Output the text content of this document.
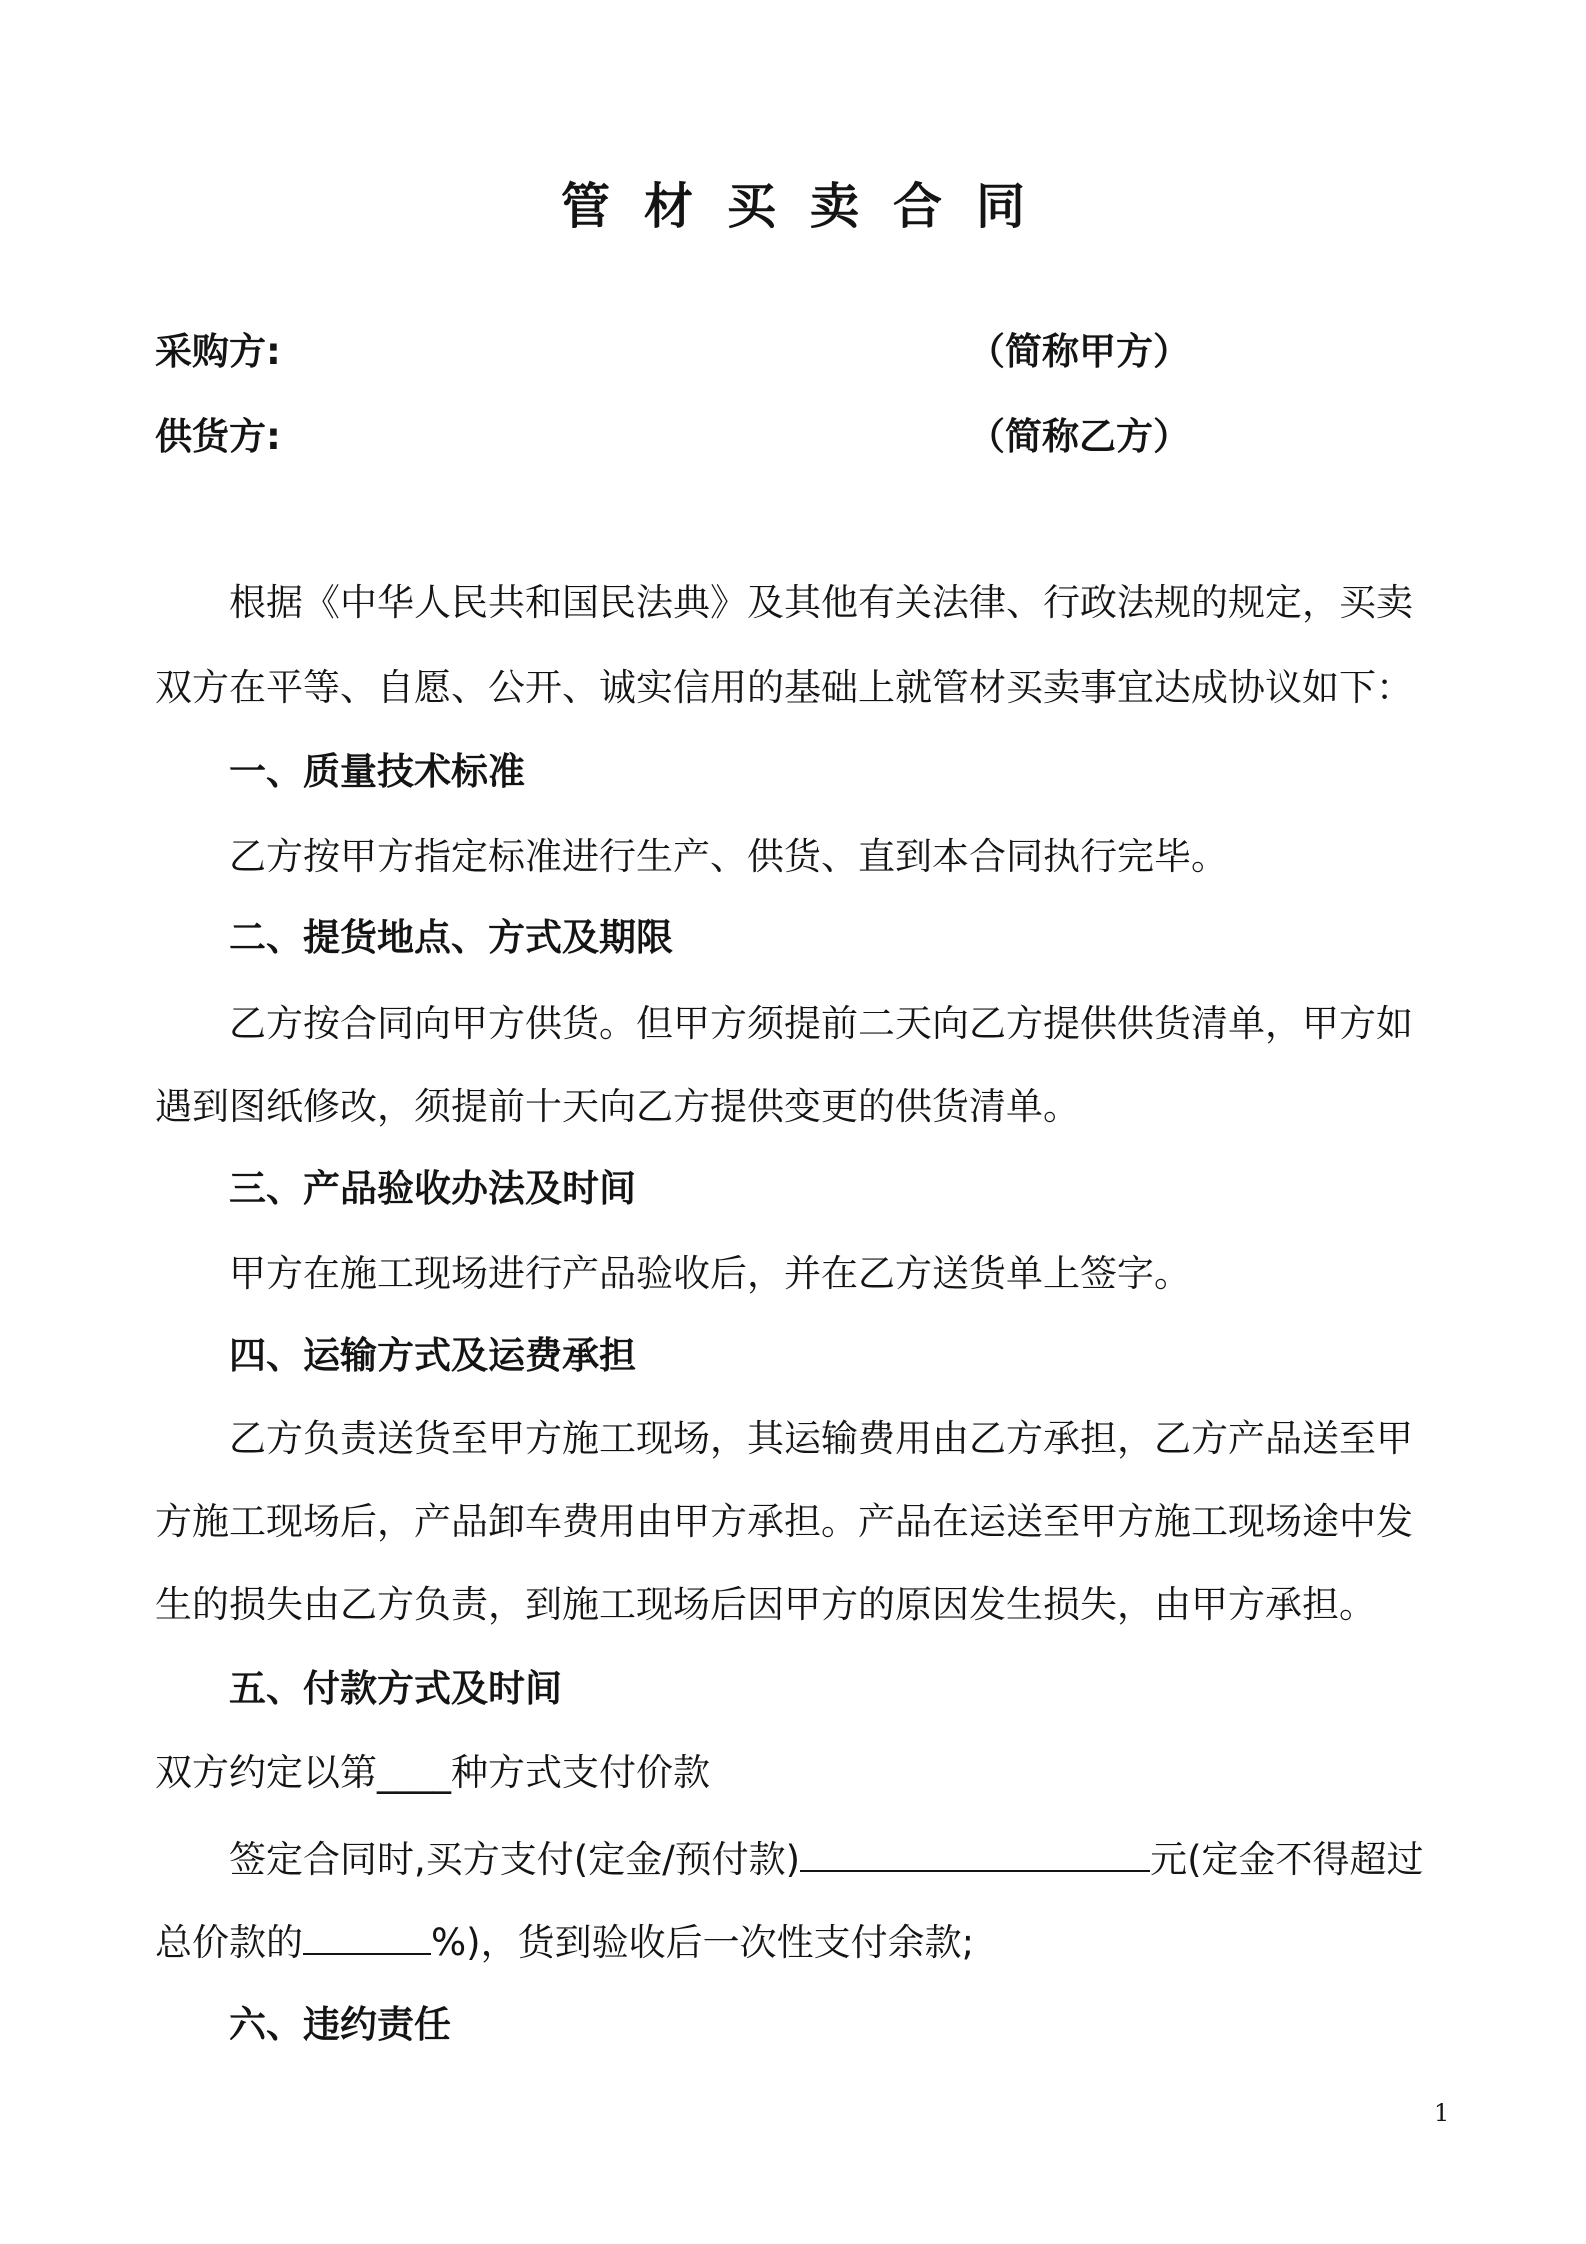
管材买卖合同
采购方:	（简称甲方）
供货方:	（简称乙方）
根据《中华人民共和国民法典》及其他有关法律、行政法规的规定，买卖
双方在平等、自愿、公开、诚实信用的基础上就管材买卖事宜达成协议如下：
一、质量技术标准
乙方按甲方指定标准进行生产、供货、直到本合同执行完毕。
二、提货地点、方式及期限
乙方按合同向甲方供货。但甲方须提前二天向乙方提供供货清单，甲方如
遇到图纸修改，须提前十天向乙方提供变更的供货清单。
三、产品验收办法及时间
甲方在施工现场进行产品验收后，并在乙方送货单上签字。
四、运输方式及运费承担
乙方负责送货至甲方施工现场，其运输费用由乙方承担，乙方产品送至甲
方施工现场后，产品卸车费用由甲方承担。产品在运送至甲方施工现场途中发
生的损失由乙方负责，到施工现场后因甲方的原因发生损失，由甲方承担。
五、付款方式及时间
双方约定以第____种方式支付价款
签定合同时,买方支付(定金/预付款)	元(定金不得超过
总价款的	%)，货到验收后一次性支付余款;
六、违约责任
1
